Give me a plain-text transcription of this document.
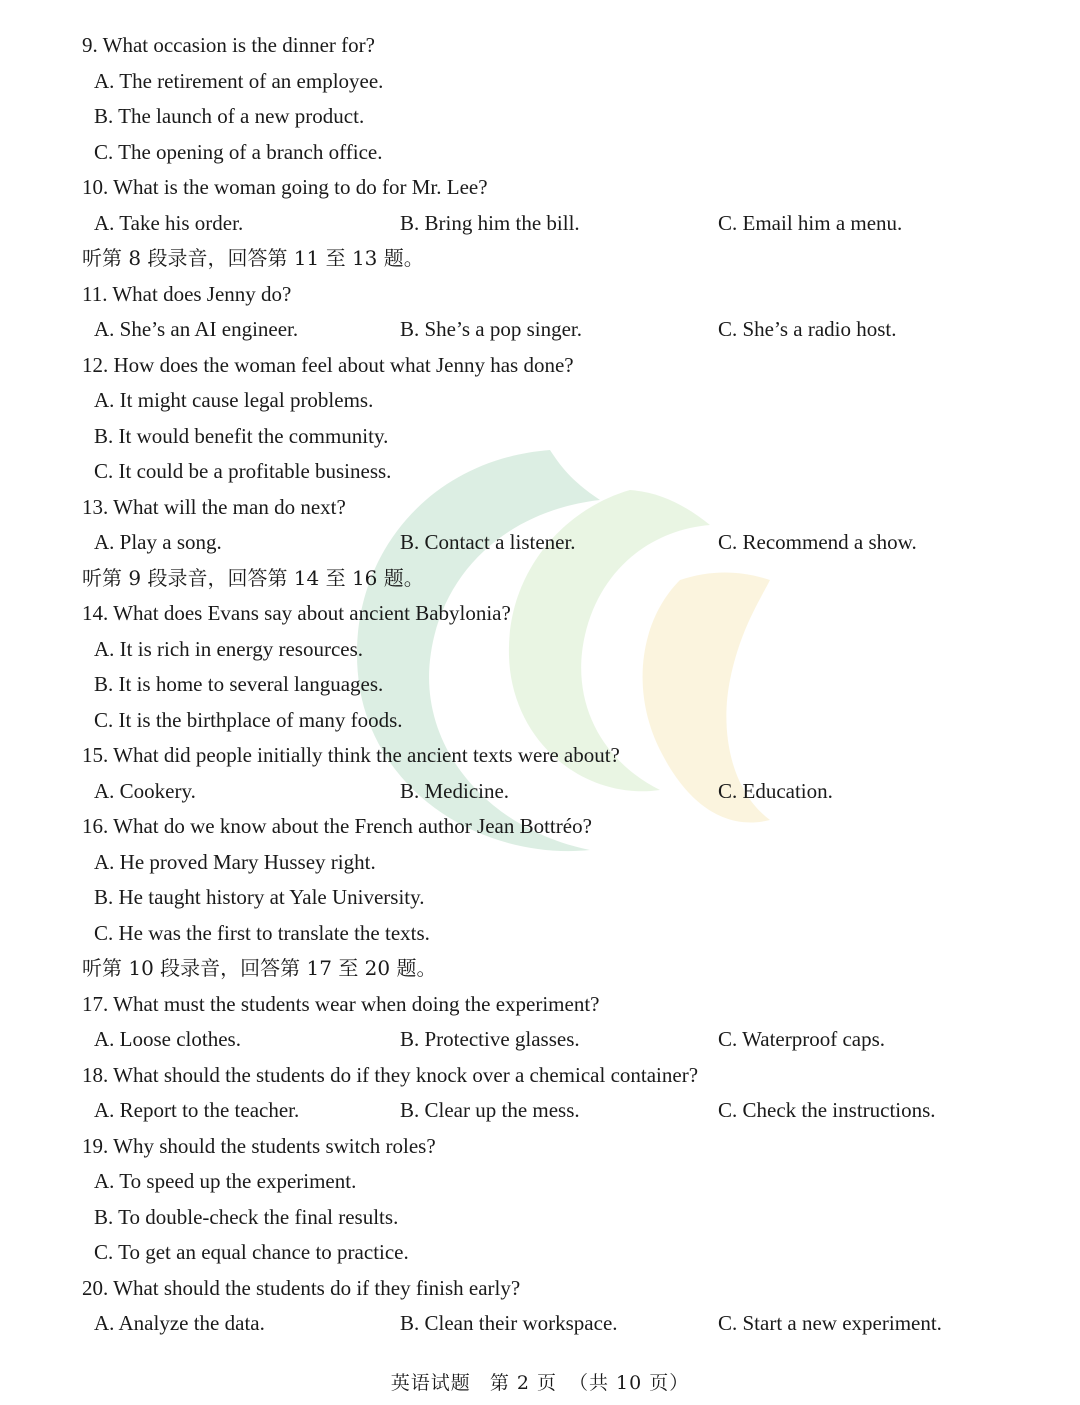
9. What occasion is the dinner for?
A. The retirement of an employee.
B. The launch of a new product.
C. The opening of a branch office.
10. What is the woman going to do for Mr. Lee?
A. Take his order.	B. Bring him the bill.	C. Email him a menu.
听第 8 段录音，回答第 11 至 13 题。
11. What does Jenny do?
A. She’s an AI engineer.	B. She’s a pop singer.	C. She’s a radio host.
12. How does the woman feel about what Jenny has done?
A. It might cause legal problems.
B. It would benefit the community.
C. It could be a profitable business.
13. What will the man do next?
A. Play a song.	B. Contact a listener.	C. Recommend a show.
听第 9 段录音，回答第 14 至 16 题。
14. What does Evans say about ancient Babylonia?
A. It is rich in energy resources.
B. It is home to several languages.
C. It is the birthplace of many foods.
15. What did people initially think the ancient texts were about?
A. Cookery.	B. Medicine.	C. Education.
16. What do we know about the French author Jean Bottréo?
A. He proved Mary Hussey right.
B. He taught history at Yale University.
C. He was the first to translate the texts.
听第 10 段录音，回答第 17 至 20 题。
17. What must the students wear when doing the experiment?
A. Loose clothes.	B. Protective glasses.	C. Waterproof caps.
18. What should the students do if they knock over a chemical container?
A. Report to the teacher.	B. Clear up the mess.	C. Check the instructions.
19. Why should the students switch roles?
A. To speed up the experiment.
B. To double-check the final results.
C. To get an equal chance to practice.
20. What should the students do if they finish early?
A. Analyze the data.	B. Clean their workspace.	C. Start a new experiment.
英语试题 第 2 页 （共 10 页）
